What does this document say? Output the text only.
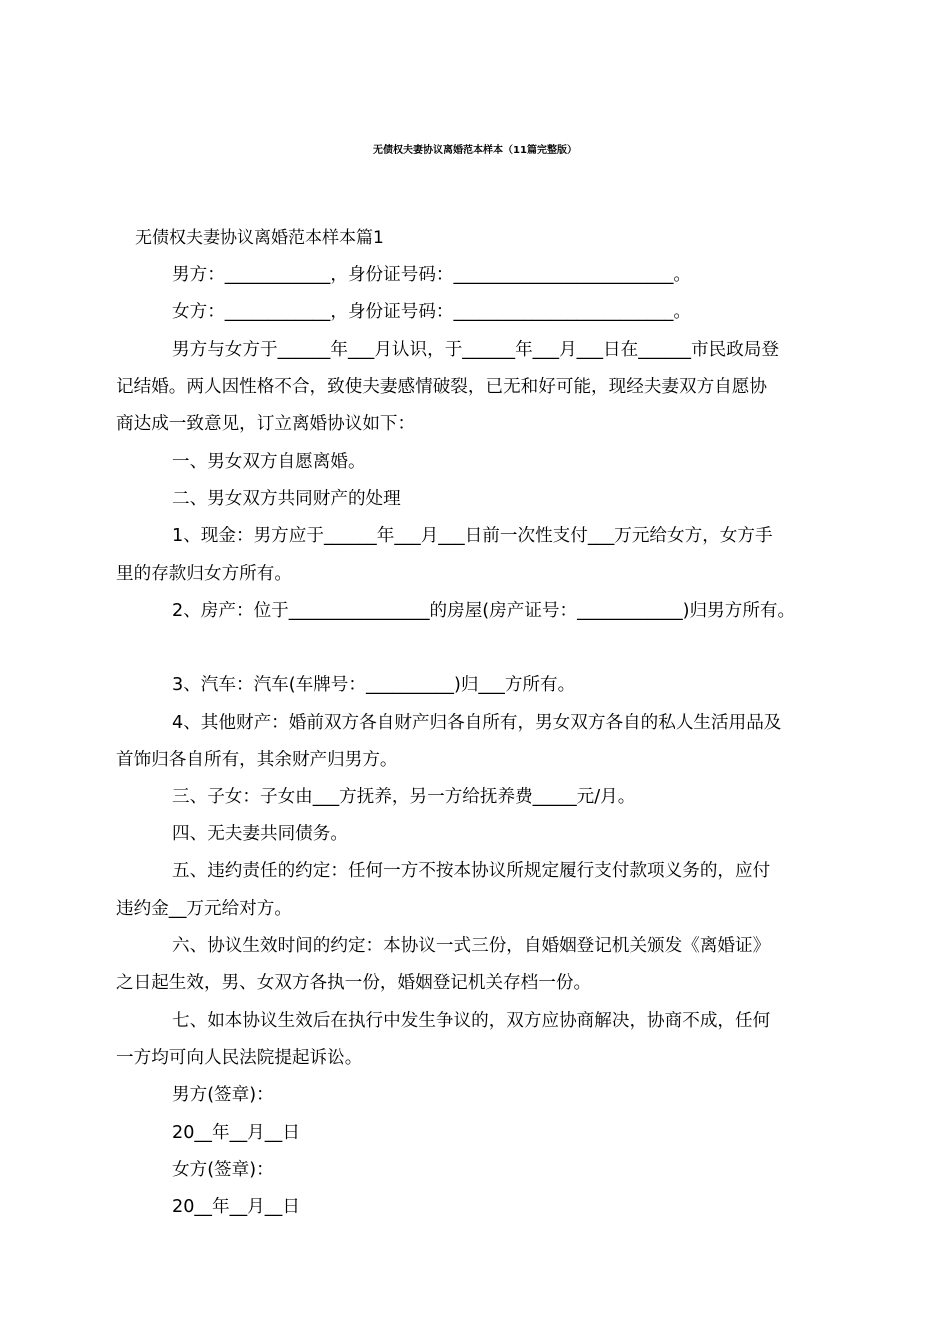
无债权夫妻协议离婚范本样本（11篇完整版）
无债权夫妻协议离婚范本样本篇1
男方：____________，身份证号码：_________________________。
女方：____________，身份证号码：_________________________。
男方与女方于______年___月认识，于______年___月___日在______市民政局登
记结婚。两人因性格不合，致使夫妻感情破裂，已无和好可能，现经夫妻双方自愿协
商达成一致意见，订立离婚协议如下：
一、男女双方自愿离婚。
二、男女双方共同财产的处理
1、现金：男方应于______年___月___日前一次性支付___万元给女方，女方手
里的存款归女方所有。
2、房产：位于________________的房屋(房产证号：____________)归男方所有。
3、汽车：汽车(车牌号：__________)归___方所有。
4、其他财产：婚前双方各自财产归各自所有，男女双方各自的私人生活用品及
首饰归各自所有，其余财产归男方。
三、子女：子女由___方抚养，另一方给抚养费_____元/月。
四、无夫妻共同债务。
五、违约责任的约定：任何一方不按本协议所规定履行支付款项义务的，应付
违约金__万元给对方。
六、协议生效时间的约定：本协议一式三份，自婚姻登记机关颁发《离婚证》
之日起生效，男、女双方各执一份，婚姻登记机关存档一份。
七、如本协议生效后在执行中发生争议的，双方应协商解决，协商不成，任何
一方均可向人民法院提起诉讼。
男方(签章)：
20__年__月__日
女方(签章)：
20__年__月__日
